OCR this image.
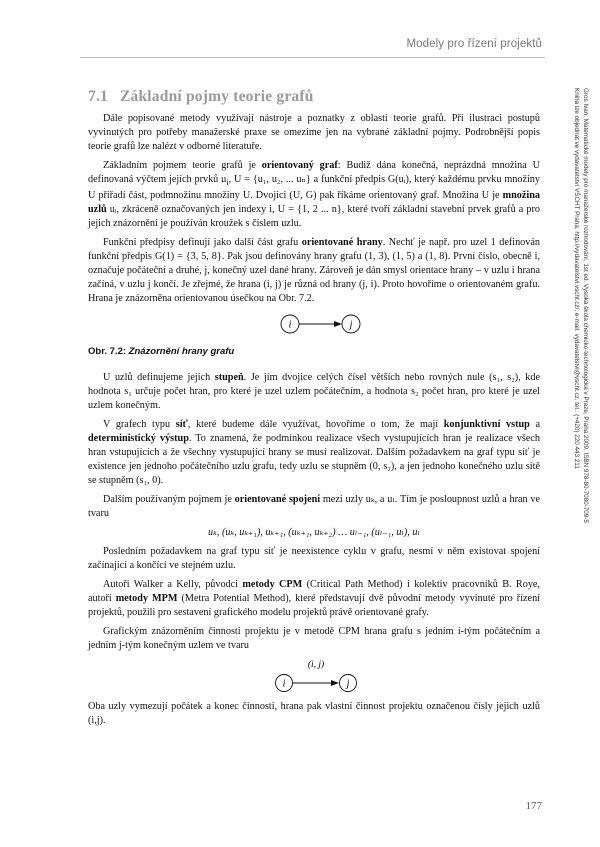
Modely pro řízení projektů
Gros Ivan: Matematické modely pro manažerské rozhodování, 1st ed. Vysoká škola chemicko-technologická v Praze, Praha 2009, ISBN 978-80-7080-709-5
Kniha lze objednat ve vydavatelství VŠCHT Praha, http://vydavatelstvi.vscht.cz/, e-mail: vydavatelstvi@vscht.cz, tel.: (+420) 220 443 211
7.1 Základní pojmy teorie grafů

Dále popisované metody využívají nástroje a poznatky z oblasti teorie grafů. Při ilustraci postupů vyvinutých pro potřeby manažerské praxe se omezíme jen na vybrané základní pojmy. Podrobnější popis teorie grafů lze nalézt v odborné literatuře.

Základním pojmem teorie grafů je orientovaný graf: Budiž dána konečná, neprázdná množina U definovaná výčtem jejích prvků $u_i$, U = {u₁, u₂, ... uₙ} a funkční předpis G(uᵢ), který každému prvku množiny U přiřadí část, podmnožinu množiny U. Dvojici (U, G) pak říkáme orientovaný graf. Množina U je množina uzlů uᵢ, zkráceně označovaných jen indexy i, U = {1, 2 ... n}, které tvoří základní stavební prvek grafů a pro jejich znázornění je používán kroužek s číslem uzlu.

Funkční předpisy definují jako další část grafu orientované hrany. Nechť je např. pro uzel 1 definován funkční předpis G(1) = {3, 5, 8}. Pak jsou definovány hrany grafu (1, 3), (1, 5) a (1, 8). První číslo, obecně i, označuje počáteční a druhé, j, konečný uzel dané hrany. Zároveň je dán smysl orientace hrany – v uzlu i hrana začíná, v uzlu j končí. Je zřejmé, že hrana (i, j) je různá od hrany (j, i). Proto hovoříme o orientovaném grafu. Hrana je znázorněna orientovanou úsečkou na Obr. 7.2.

i	j
Obr. 7.2: Znázornění hrany grafu

U uzlů definujeme jejich stupeň. Je jím dvojice celých čísel větších nebo rovných nule (s₁, s₂), kde hodnota s₁ určuje počet hran, pro které je uzel uzlem počátečním, a hodnota s₂ počet hran, pro které je uzel uzlem konečným.

V grafech typu síť, které budeme dále využívat, hovoříme o tom, že mají konjunktivní vstup a deterministický výstup. To znamená, že podmínkou realizace všech vystupujících hran je realizace všech hran vstupujících a že všechny vystupující hrany se musí realizovat. Dalším požadavkem na graf typu síť je existence jen jednoho počátečního uzlu grafu, tedy uzlu se stupněm (0, s₂), a jen jednoho konečného uzlu sítě se stupněm (s₁, 0).

Dalším používaným pojmem je orientované spojení mezi uzly uₖ, a uₗ. Tím je posloupnost uzlů a hran ve tvaru

uₖ, (uₖ, uₖ₊₁), uₖ₊₁, (uₖ₊₁, uₖ₊₂) … uₗ₋₁, (uₗ₋₁, uₗ), uₗ

Posledním požadavkem na graf typu síť je neexistence cyklu v grafu, nesmí v něm existovat spojení začínající a končící ve stejném uzlu.

Autoři Walker a Kelly, původci metody CPM (Critical Path Method) i kolektiv pracovníků B. Roye, autoři metody MPM (Metra Potential Method), které představují dvě původní metody vyvinuté pro řízení projektů, použili pro sestavení grafického modelu projektů právě orientované grafy.

Grafickým znázorněním činnosti projektu je v metodě CPM hrana grafu s jedním i-tým počátečním a jedním j-tým konečným uzlem ve tvaru

(i, j)
i	j

Oba uzly vymezují počátek a konec činnosti, hrana pak vlastní činnost projektu označenou čísly jejich uzlů (i,j).

177
